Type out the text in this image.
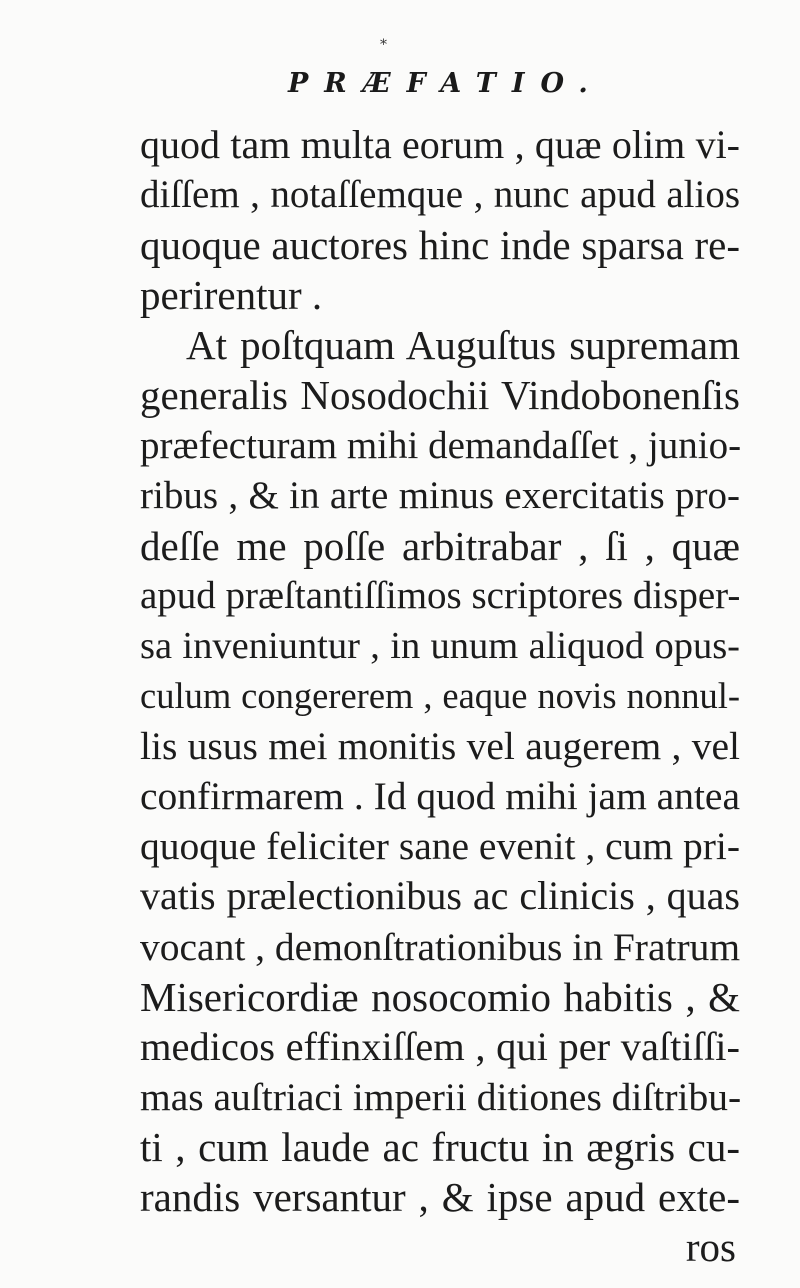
*
PRÆFATIO.
quod tam multa eorum , quæ olim vi-
diſſem , notaſſemque , nunc apud alios
quoque auctores hinc inde sparsa re-
perirentur .
At poſtquam Auguſtus supremam
generalis Nosodochii Vindobonenſis
præfecturam mihi demandaſſet , junio-
ribus , & in arte minus exercitatis pro-
deſſe me poſſe arbitrabar , ſi , quæ
apud præſtantiſſimos scriptores disper-
sa inveniuntur , in unum aliquod opus-
culum congererem , eaque novis nonnul-
lis usus mei monitis vel augerem , vel
confirmarem . Id quod mihi jam antea
quoque feliciter sane evenit , cum pri-
vatis prælectionibus ac clinicis , quas
vocant , demonſtrationibus in Fratrum
Misericordiæ nosocomio habitis , &
medicos effinxiſſem , qui per vaſtiſſi-
mas auſtriaci imperii ditiones diſtribu-
ti , cum laude ac fructu in ægris cu-
randis versantur , & ipse apud exte-
ros
